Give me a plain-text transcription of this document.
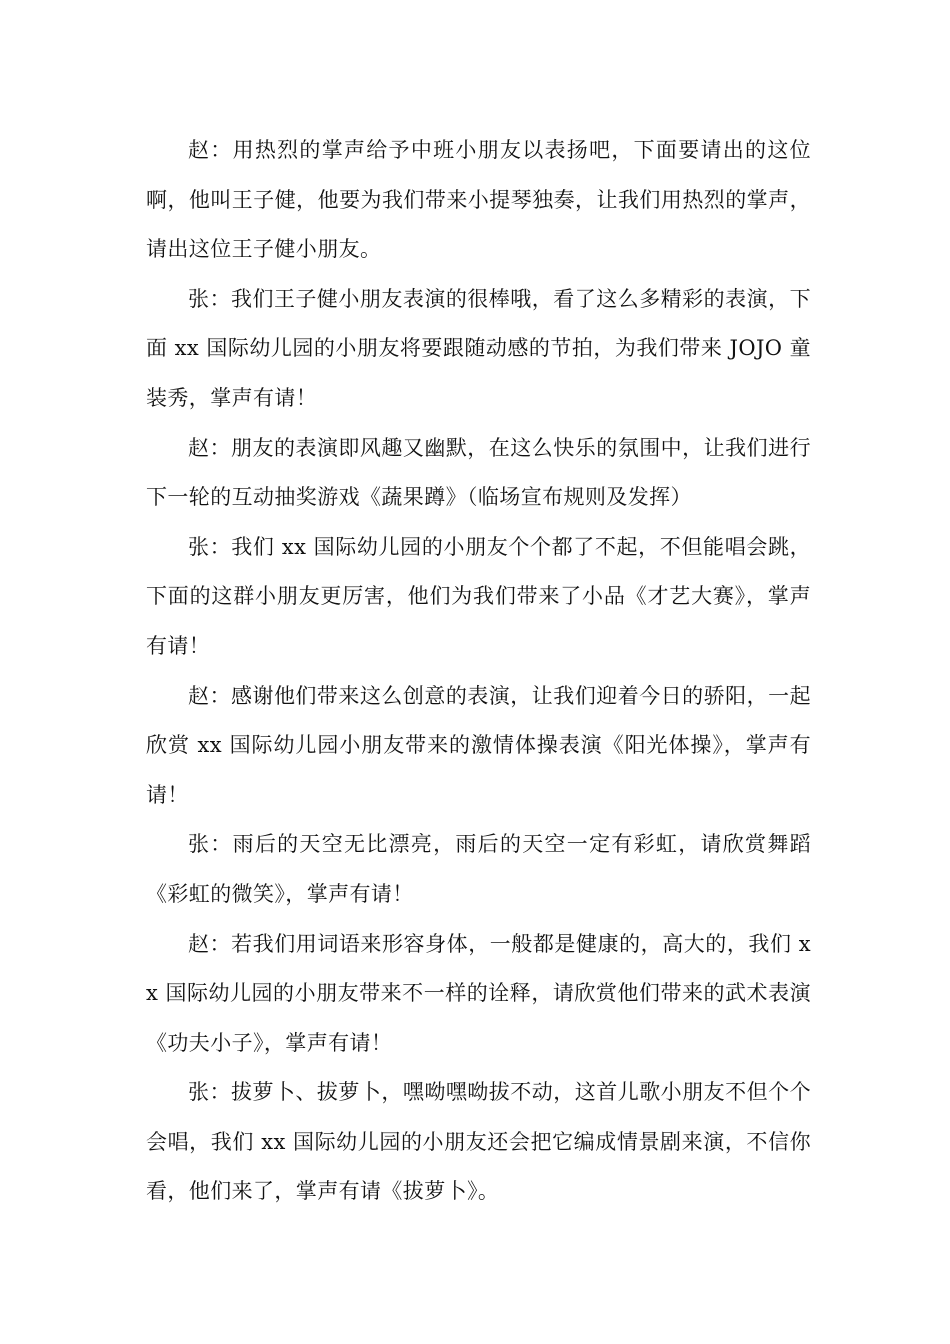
赵：用热烈的掌声给予中班小朋友以表扬吧，下面要请出的这位啊，他叫王子健，他要为我们带来小提琴独奏，让我们用热烈的掌声，请出这位王子健小朋友。

张：我们王子健小朋友表演的很棒哦，看了这么多精彩的表演，下面 xx 国际幼儿园的小朋友将要跟随动感的节拍，为我们带来 JOJO 童装秀，掌声有请！

赵：朋友的表演即风趣又幽默，在这么快乐的氛围中，让我们进行下一轮的互动抽奖游戏《蔬果蹲》（临场宣布规则及发挥）

张：我们 xx 国际幼儿园的小朋友个个都了不起，不但能唱会跳，下面的这群小朋友更厉害，他们为我们带来了小品《才艺大赛》，掌声有请！

赵：感谢他们带来这么创意的表演，让我们迎着今日的骄阳，一起欣赏 xx 国际幼儿园小朋友带来的激情体操表演《阳光体操》，掌声有请！

张：雨后的天空无比漂亮，雨后的天空一定有彩虹，请欣赏舞蹈《彩虹的微笑》，掌声有请！

赵：若我们用词语来形容身体，一般都是健康的，高大的，我们 xx 国际幼儿园的小朋友带来不一样的诠释，请欣赏他们带来的武术表演《功夫小子》，掌声有请！

张：拔萝卜、拔萝卜，嘿呦嘿呦拔不动，这首儿歌小朋友不但个个会唱，我们 xx 国际幼儿园的小朋友还会把它编成情景剧来演，不信你看，他们来了，掌声有请《拔萝卜》。
